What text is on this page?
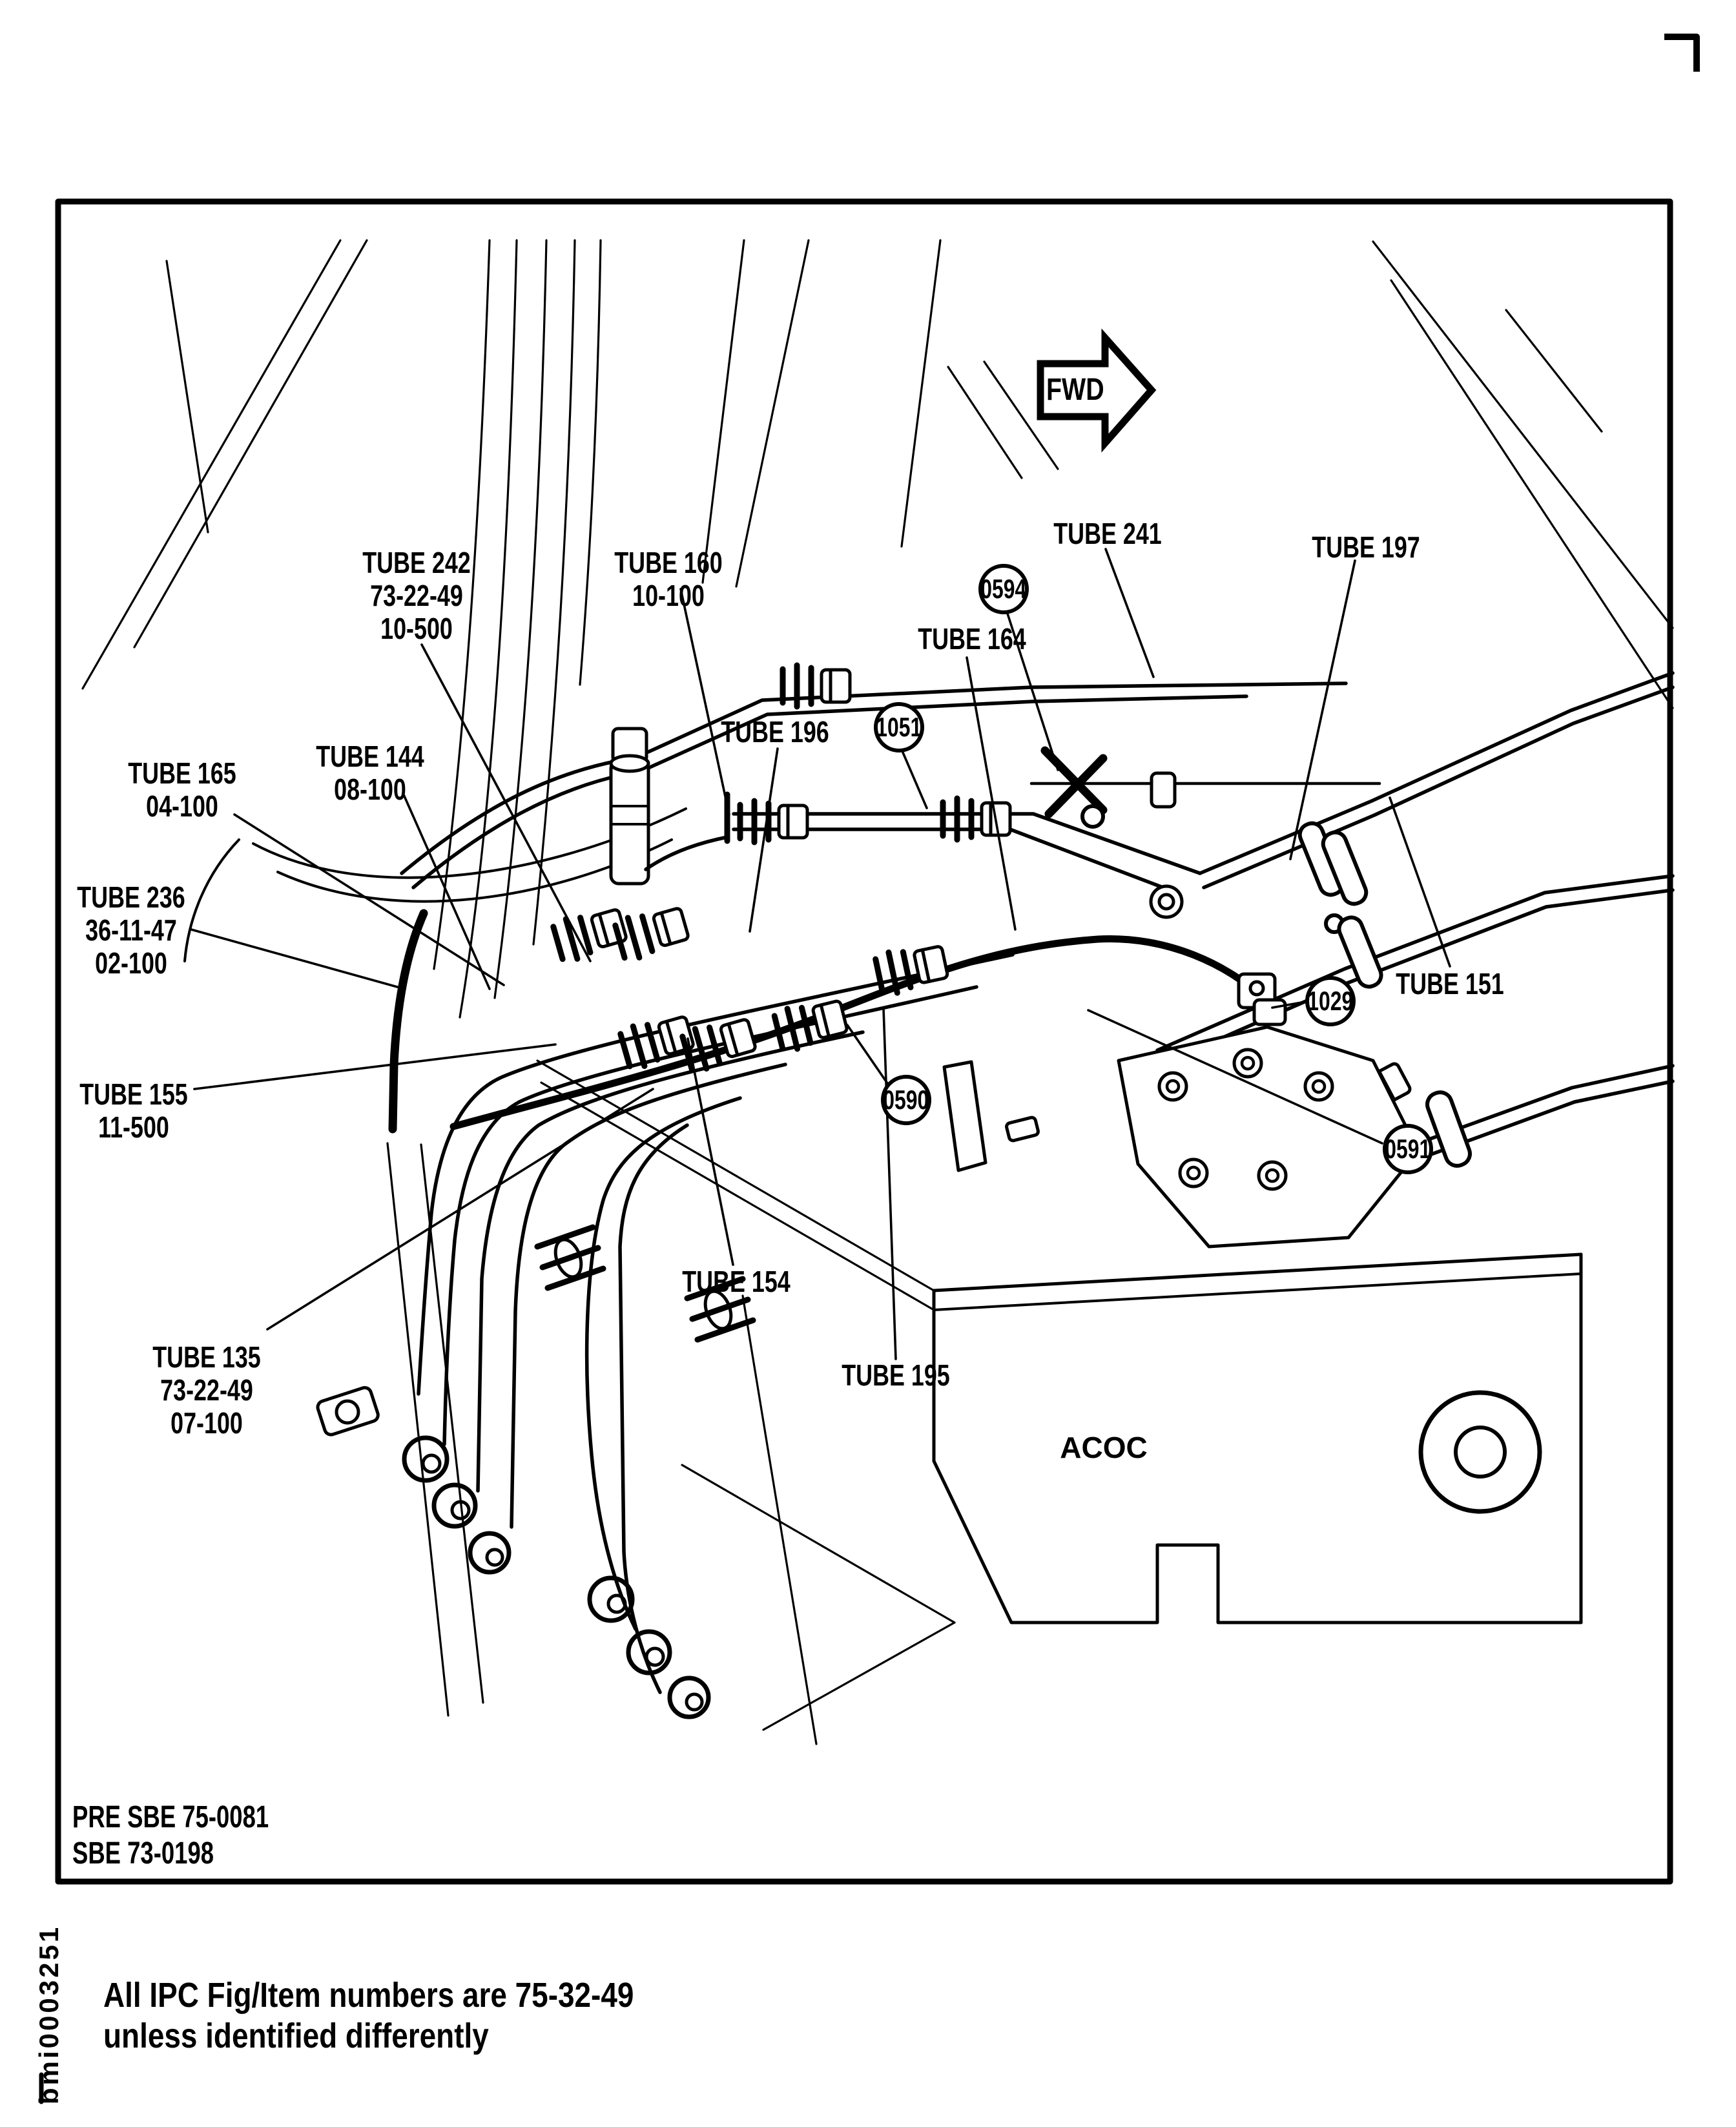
FWD
TUBE 242
73-22-49
10-500
TUBE 160
10-100
TUBE 144
08-100
TUBE 165
04-100
TUBE 236
36-11-47
02-100
TUBE 155
11-500
TUBE 135
73-22-49
07-100
TUBE 196
TUBE 164
TUBE 241	TUBE 197
TUBE 151
TUBE 154
TUBE 195
ACOC
0594
1051
1029
0590
0591
PRE SBE 75-0081
SBE 73-0198
All IPC Fig/Item numbers are 75-32-49
unless identified differently
bmi0003251
